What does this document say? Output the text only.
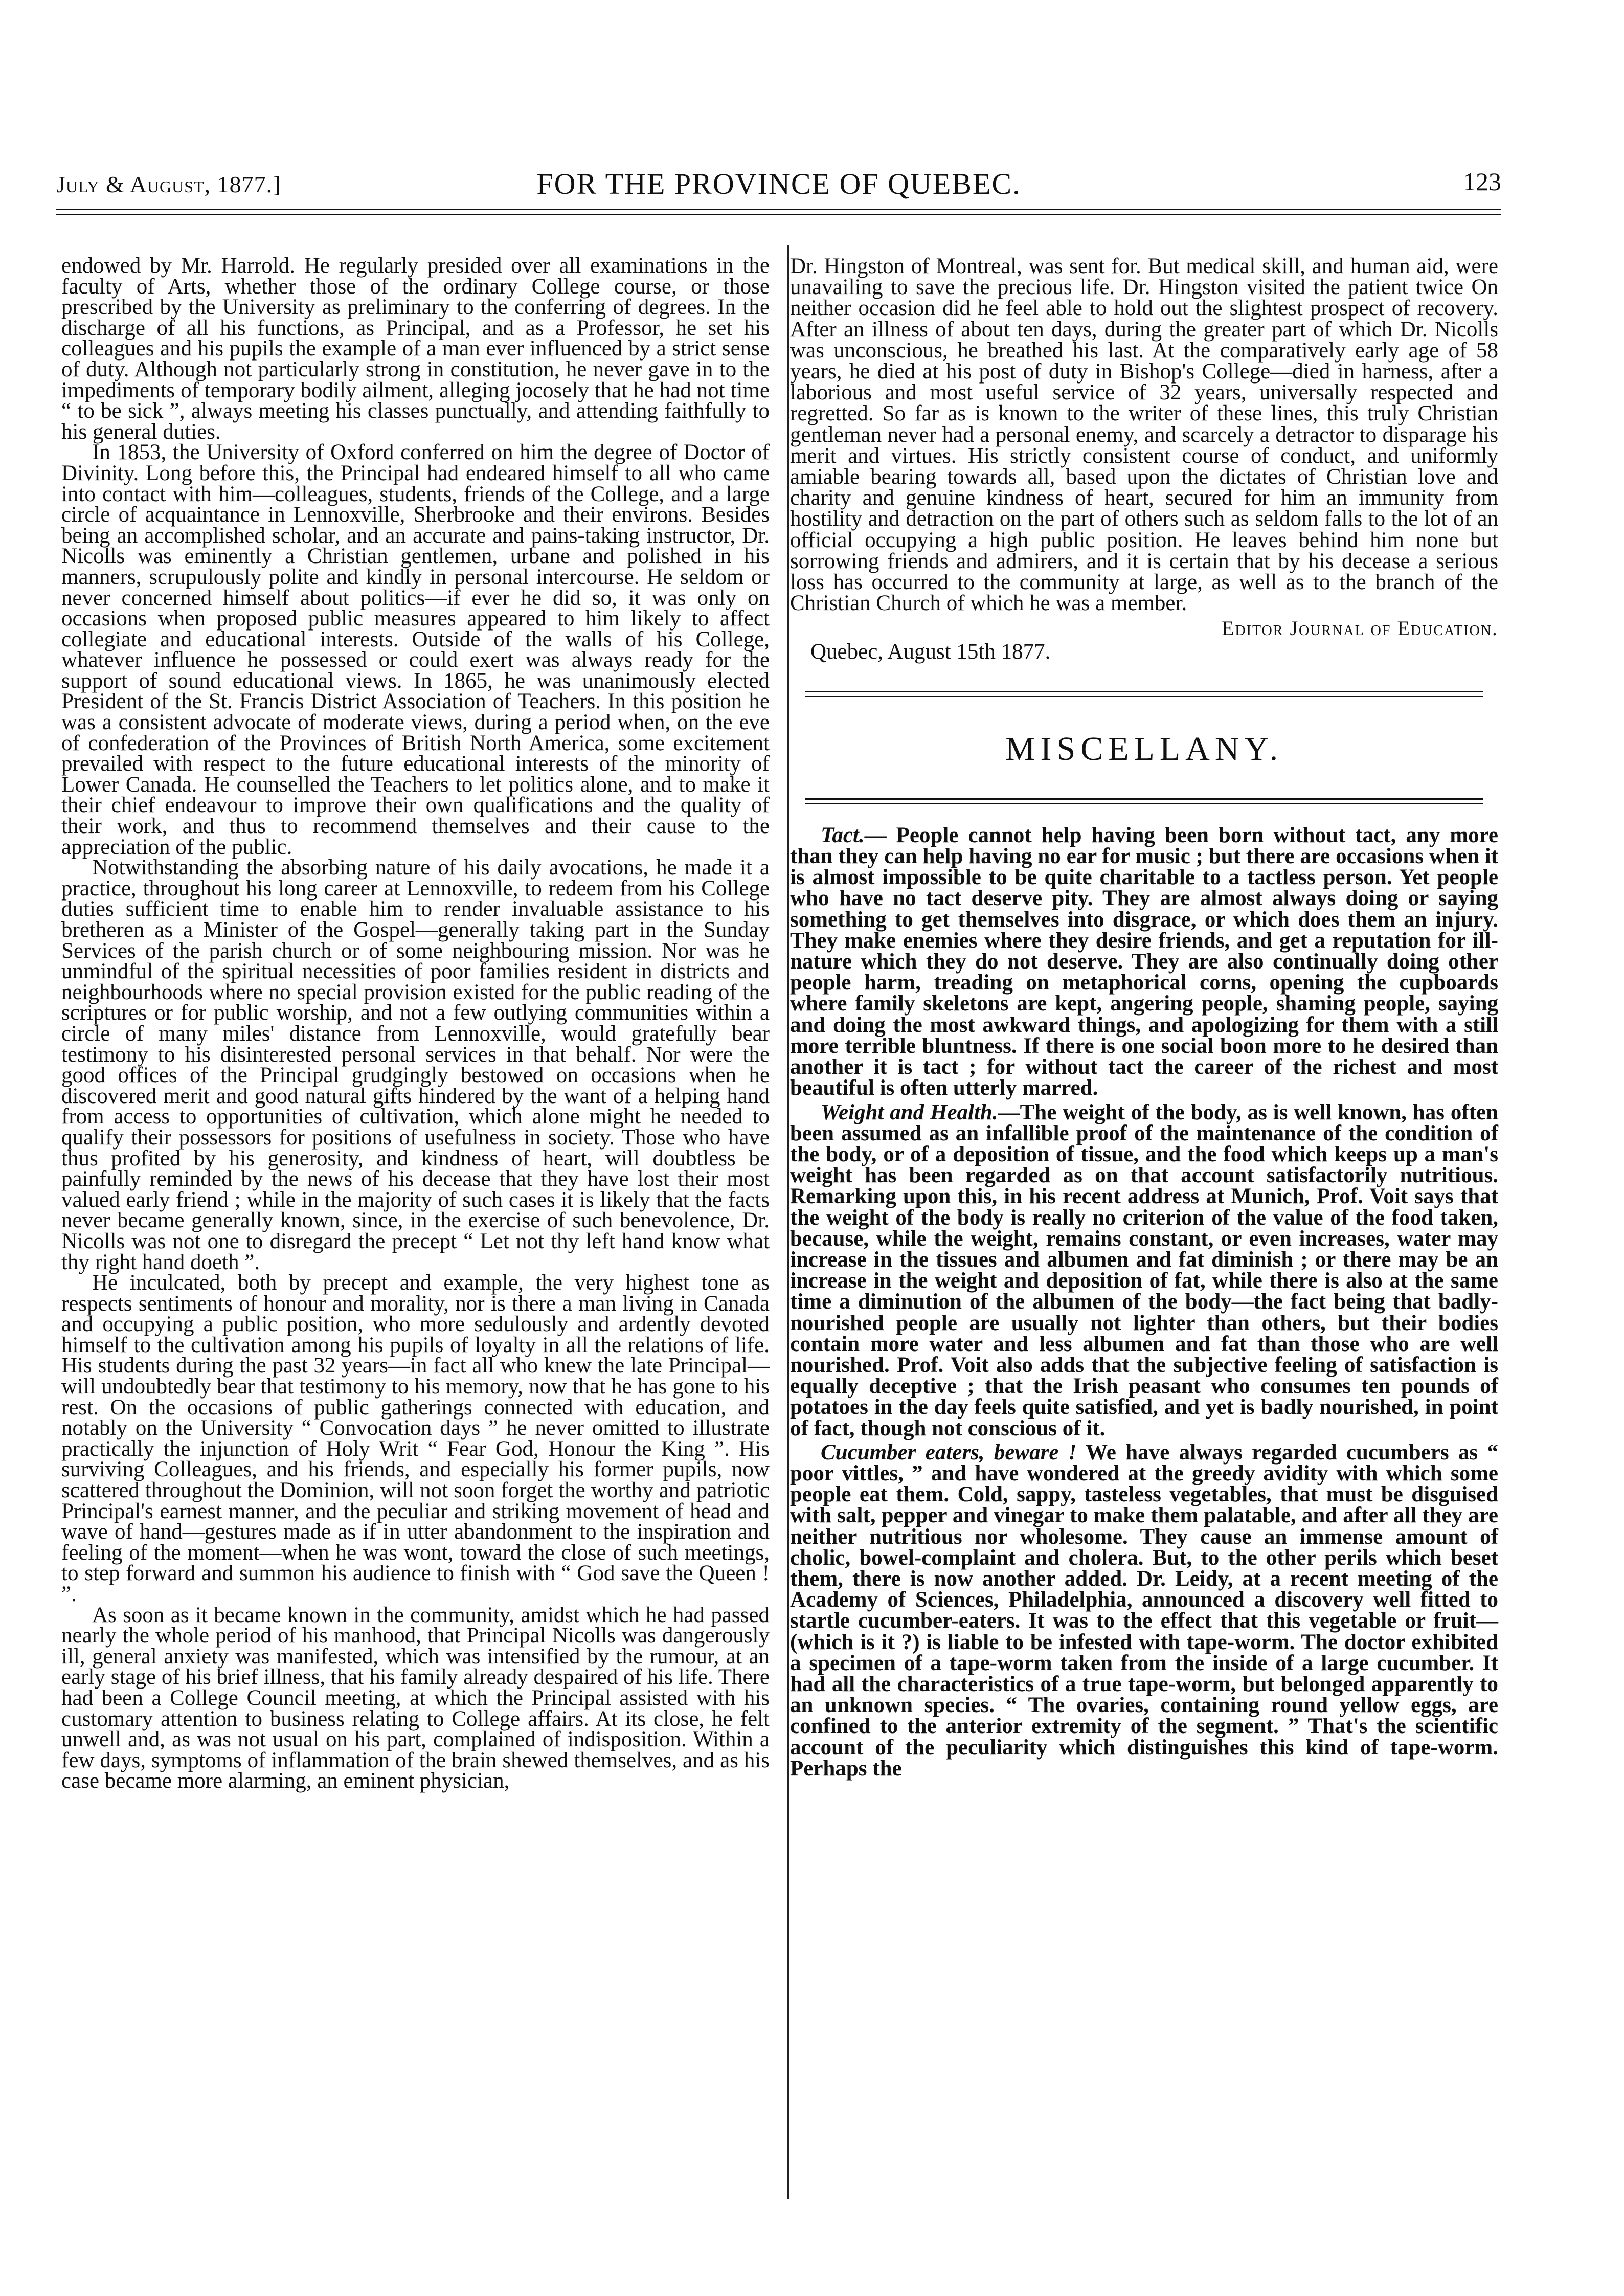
July & August, 1877.]	FOR THE PROVINCE OF QUEBEC.	123

endowed by Mr. Harrold. He regularly presided over all examinations in the faculty of Arts, whether those of the ordinary College course, or those prescribed by the University as preliminary to the conferring of degrees. In the discharge of all his functions, as Principal, and as a Professor, he set his colleagues and his pupils the example of a man ever influenced by a strict sense of duty. Although not particularly strong in constitution, he never gave in to the impediments of temporary bodily ailment, alleging jocosely that he had not time “ to be sick ”, always meeting his classes punctually, and attending faithfully to his general duties.

In 1853, the University of Oxford conferred on him the degree of Doctor of Divinity. Long before this, the Principal had endeared himself to all who came into contact with him—colleagues, students, friends of the College, and a large circle of acquaintance in Lennoxville, Sherbrooke and their environs. Besides being an accomplished scholar, and an accurate and pains-taking instructor, Dr. Nicolls was eminently a Christian gentlemen, urbane and polished in his manners, scrupulously polite and kindly in personal intercourse. He seldom or never concerned himself about politics—if ever he did so, it was only on occasions when proposed public measures appeared to him likely to affect collegiate and educational interests. Outside of the walls of his College, whatever influence he possessed or could exert was always ready for the support of sound educational views. In 1865, he was unanimously elected President of the St. Francis District Association of Teachers. In this position he was a consistent advocate of moderate views, during a period when, on the eve of confederation of the Provinces of British North America, some excitement prevailed with respect to the future educational interests of the minority of Lower Canada. He counselled the Teachers to let politics alone, and to make it their chief endeavour to improve their own qualifications and the quality of their work, and thus to recommend themselves and their cause to the appreciation of the public.

Notwithstanding the absorbing nature of his daily avocations, he made it a practice, throughout his long career at Lennoxville, to redeem from his College duties sufficient time to enable him to render invaluable assistance to his bretheren as a Minister of the Gospel—generally taking part in the Sunday Services of the parish church or of some neighbouring mission. Nor was he unmindful of the spiritual necessities of poor families resident in districts and neighbourhoods where no special provision existed for the public reading of the scriptures or for public worship, and not a few outlying communities within a circle of many miles' distance from Lennoxville, would gratefully bear testimony to his disinterested personal services in that behalf. Nor were the good offices of the Principal grudgingly bestowed on occasions when he discovered merit and good natural gifts hindered by the want of a helping hand from access to opportunities of cultivation, which alone might he needed to qualify their possessors for positions of usefulness in society. Those who have thus profited by his generosity, and kindness of heart, will doubtless be painfully reminded by the news of his decease that they have lost their most valued early friend ; while in the majority of such cases it is likely that the facts never became generally known, since, in the exercise of such benevolence, Dr. Nicolls was not one to disregard the precept “ Let not thy left hand know what thy right hand doeth ”.

He inculcated, both by precept and example, the very highest tone as respects sentiments of honour and morality, nor is there a man living in Canada and occupying a public position, who more sedulously and ardently devoted himself to the cultivation among his pupils of loyalty in all the relations of life. His students during the past 32 years—in fact all who knew the late Principal—will undoubtedly bear that testimony to his memory, now that he has gone to his rest. On the occasions of public gatherings connected with education, and notably on the University “ Convocation days ” he never omitted to illustrate practically the injunction of Holy Writ “ Fear God, Honour the King ”. His surviving Colleagues, and his friends, and especially his former pupils, now scattered throughout the Dominion, will not soon forget the worthy and patriotic Principal's earnest manner, and the peculiar and striking movement of head and wave of hand—gestures made as if in utter abandonment to the inspiration and feeling of the moment—when he was wont, toward the close of such meetings, to step forward and summon his audience to finish with “ God save the Queen ! ”.

As soon as it became known in the community, amidst which he had passed nearly the whole period of his manhood, that Principal Nicolls was dangerously ill, general anxiety was manifested, which was intensified by the rumour, at an early stage of his brief illness, that his family already despaired of his life. There had been a College Council meeting, at which the Principal assisted with his customary attention to business relating to College affairs. At its close, he felt unwell and, as was not usual on his part, complained of indisposition. Within a few days, symptoms of inflammation of the brain shewed themselves, and as his case became more alarming, an eminent physician,

Dr. Hingston of Montreal, was sent for. But medical skill, and human aid, were unavailing to save the precious life. Dr. Hingston visited the patient twice On neither occasion did he feel able to hold out the slightest prospect of recovery. After an illness of about ten days, during the greater part of which Dr. Nicolls was unconscious, he breathed his last. At the comparatively early age of 58 years, he died at his post of duty in Bishop's College—died in harness, after a laborious and most useful service of 32 years, universally respected and regretted. So far as is known to the writer of these lines, this truly Christian gentleman never had a personal enemy, and scarcely a detractor to disparage his merit and virtues. His strictly consistent course of conduct, and uniformly amiable bearing towards all, based upon the dictates of Christian love and charity and genuine kindness of heart, secured for him an immunity from hostility and detraction on the part of others such as seldom falls to the lot of an official occupying a high public position. He leaves behind him none but sorrowing friends and admirers, and it is certain that by his decease a serious loss has occurred to the community at large, as well as to the branch of the Christian Church of which he was a member.

Editor Journal of Education.
Quebec, August 15th 1877.
MISCELLANY.

Tact.— People cannot help having been born without tact, any more than they can help having no ear for music ; but there are occasions when it is almost impossible to be quite charitable to a tactless person. Yet people who have no tact deserve pity. They are almost always doing or saying something to get themselves into disgrace, or which does them an injury. They make enemies where they desire friends, and get a reputation for ill-nature which they do not deserve. They are also continually doing other people harm, treading on metaphorical corns, opening the cupboards where family skeletons are kept, angering people, shaming people, saying and doing the most awkward things, and apologizing for them with a still more terrible bluntness. If there is one social boon more to he desired than another it is tact ; for without tact the career of the richest and most beautiful is often utterly marred.

Weight and Health.—The weight of the body, as is well known, has often been assumed as an infallible proof of the maintenance of the condition of the body, or of a deposition of tissue, and the food which keeps up a man's weight has been regarded as on that account satisfactorily nutritious. Remarking upon this, in his recent address at Munich, Prof. Voit says that the weight of the body is really no criterion of the value of the food taken, because, while the weight, remains constant, or even increases, water may increase in the tissues and albumen and fat diminish ; or there may be an increase in the weight and deposition of fat, while there is also at the same time a diminution of the albumen of the body—the fact being that badly-nourished people are usually not lighter than others, but their bodies contain more water and less albumen and fat than those who are well nourished. Prof. Voit also adds that the subjective feeling of satisfaction is equally deceptive ; that the Irish peasant who consumes ten pounds of potatoes in the day feels quite satisfied, and yet is badly nourished, in point of fact, though not conscious of it.

Cucumber eaters, beware ! We have always regarded cucumbers as “ poor vittles, ” and have wondered at the greedy avidity with which some people eat them. Cold, sappy, tasteless vegetables, that must be disguised with salt, pepper and vinegar to make them palatable, and after all they are neither nutritious nor wholesome. They cause an immense amount of cholic, bowel-complaint and cholera. But, to the other perils which beset them, there is now another added. Dr. Leidy, at a recent meeting of the Academy of Sciences, Philadelphia, announced a discovery well fitted to startle cucumber-eaters. It was to the effect that this vegetable or fruit—(which is it ?) is liable to be infested with tape-worm. The doctor exhibited a specimen of a tape-worm taken from the inside of a large cucumber. It had all the characteristics of a true tape-worm, but belonged apparently to an unknown species. “ The ovaries, containing round yellow eggs, are confined to the anterior extremity of the segment. ” That's the scientific account of the peculiarity which distinguishes this kind of tape-worm. Perhaps the
